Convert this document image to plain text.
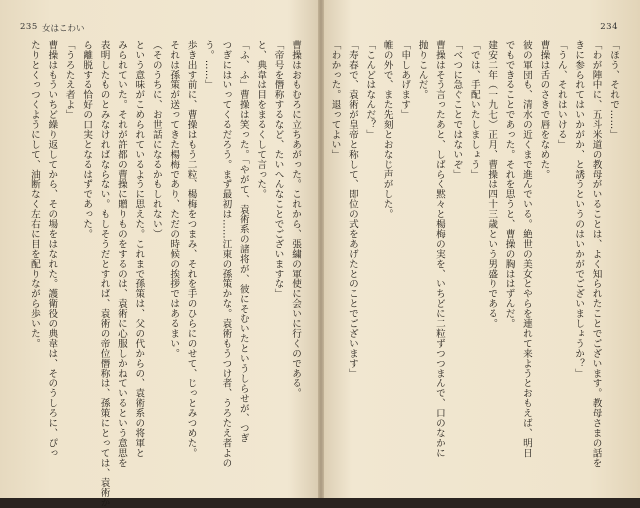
235 女はこわい
曹操はおもむろに立ちあがった。これから、張繍の軍使に会いに行くのである。
「帝号を僭称するなど、たいへんなことでございますな」
と、典韋は目をまるくして言った。
「ふ、ふ」曹操は笑った。「やがて、袁術系の諸将が、彼にそむいたというしらせが、つぎ
つぎにはいってくるだろう。まず最初は……江東の孫策かな。袁術もうつけ者、うろたえ者よの
う。……」
歩き出す前に、曹操はもう二粒、楊梅をつまみ、それを手のひらにのせて、じっとみつめた。
それは孫策が送ってきた楊梅であり、ただの時候の挨拶ではあるまい。
（そのうちに、お世話になるかもしれない）
という意味がこめられているように思えた。これまで孫策は、父の代からの、袁術系の将軍と
みられていた。それが許都の曹操に贈りものをするのは、袁術に心服しかねているという意思を
表明したものとみなければならない。もしそうだとすれば、袁術の帝位僭称は、孫策にとっては、袁術か
ら離脱する恰好の口実となるはずであった。
「うろたえ者よ」
曹操はもういちど繰り返してから、その場をはなれた。護衛役の典韋は、そのうしろに、ぴっ
たりとくっつくようにして、油断なく左右に目を配りながら歩いた。
234
「ほう、それで……」
「わが陣中に、五斗米道の教母がいることは、よく知られたことでございます。教母さまの話を
きに参られてはいかがか、と誘うというのはいかがでございましょうか？」
「うん、それはいける」
曹操は舌のさきで唇をなめた。
彼の軍団も、清水の近くまで進んでいる。絶世の美女とやらを連れて来ようとおもえば、明日
でもできることであった。それを思うと、曹操の胸ははずんだ。
建安二年（一九七）正月、曹操は四十三歳という男盛りである。
「では、手配いたしましょう」
「べつに急ぐことではないぞ」
曹操はそう言ったあと、しばらく黙々と楊梅の実を、いちどに二粒ずつつまんで、口のなかに
抛りこんだ。
「申しあげます」
帷の外で、また先刻とおなじ声がした。
「こんどはなんだ？」
「寿春で、袁術が皇帝と称して、即位の式をあげたとのことでございます」
「わかった。退ってよい」
